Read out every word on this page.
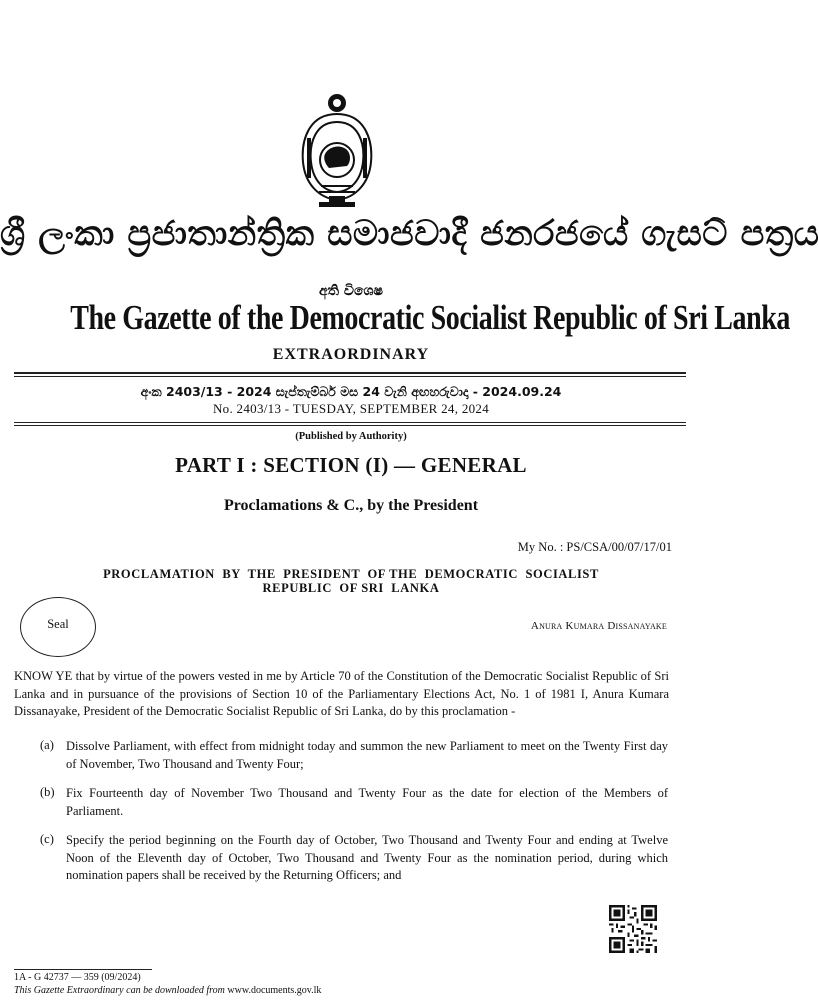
ශ්‍රී ලංකා ප්‍රජාතාන්ත්‍රික සමාජවාදී ජනරජයේ ගැසට් පත්‍රය
අති විශෙෂ
The Gazette of the Democratic Socialist Republic of Sri Lanka
EXTRAORDINARY
අංක 2403/13 - 2024 සැප්තැම්බර් මස 24 වැනි අඟහරුවාදා - 2024.09.24
No. 2403/13 - TUESDAY, SEPTEMBER 24, 2024
(Published by Authority)
PART I : SECTION (I) — GENERAL
Proclamations & C., by the President
My No. : PS/CSA/00/07/17/01
PROCLAMATION  BY  THE  PRESIDENT  OF THE  DEMOCRATIC  SOCIALIST
REPUBLIC  OF SRI  LANKA
Seal	Anura Kumara Dissanayake
KNOW YE that by virtue of the powers vested in me by Article 70 of the Constitution of the Democratic Socialist Republic of Sri Lanka and in pursuance of the provisions of Section 10 of the Parliamentary Elections Act, No. 1 of 1981 I, Anura Kumara Dissanayake, President of the Democratic Socialist Republic of Sri Lanka, do by this proclamation -
(a) Dissolve Parliament, with effect from midnight today and summon the new Parliament to meet on the Twenty First day of November, Two Thousand and Twenty Four;
(b) Fix Fourteenth day of November Two Thousand and Twenty Four as the date for election of the Members of Parliament.
(c) Specify the period beginning on the Fourth day of October, Two Thousand and Twenty Four and ending at Twelve Noon of the Eleventh day of October, Two Thousand and Twenty Four as the nomination period, during which nomination papers shall be received by the Returning Officers; and
1A - G 42737 — 359 (09/2024)
This Gazette Extraordinary can be downloaded from www.documents.gov.lk
